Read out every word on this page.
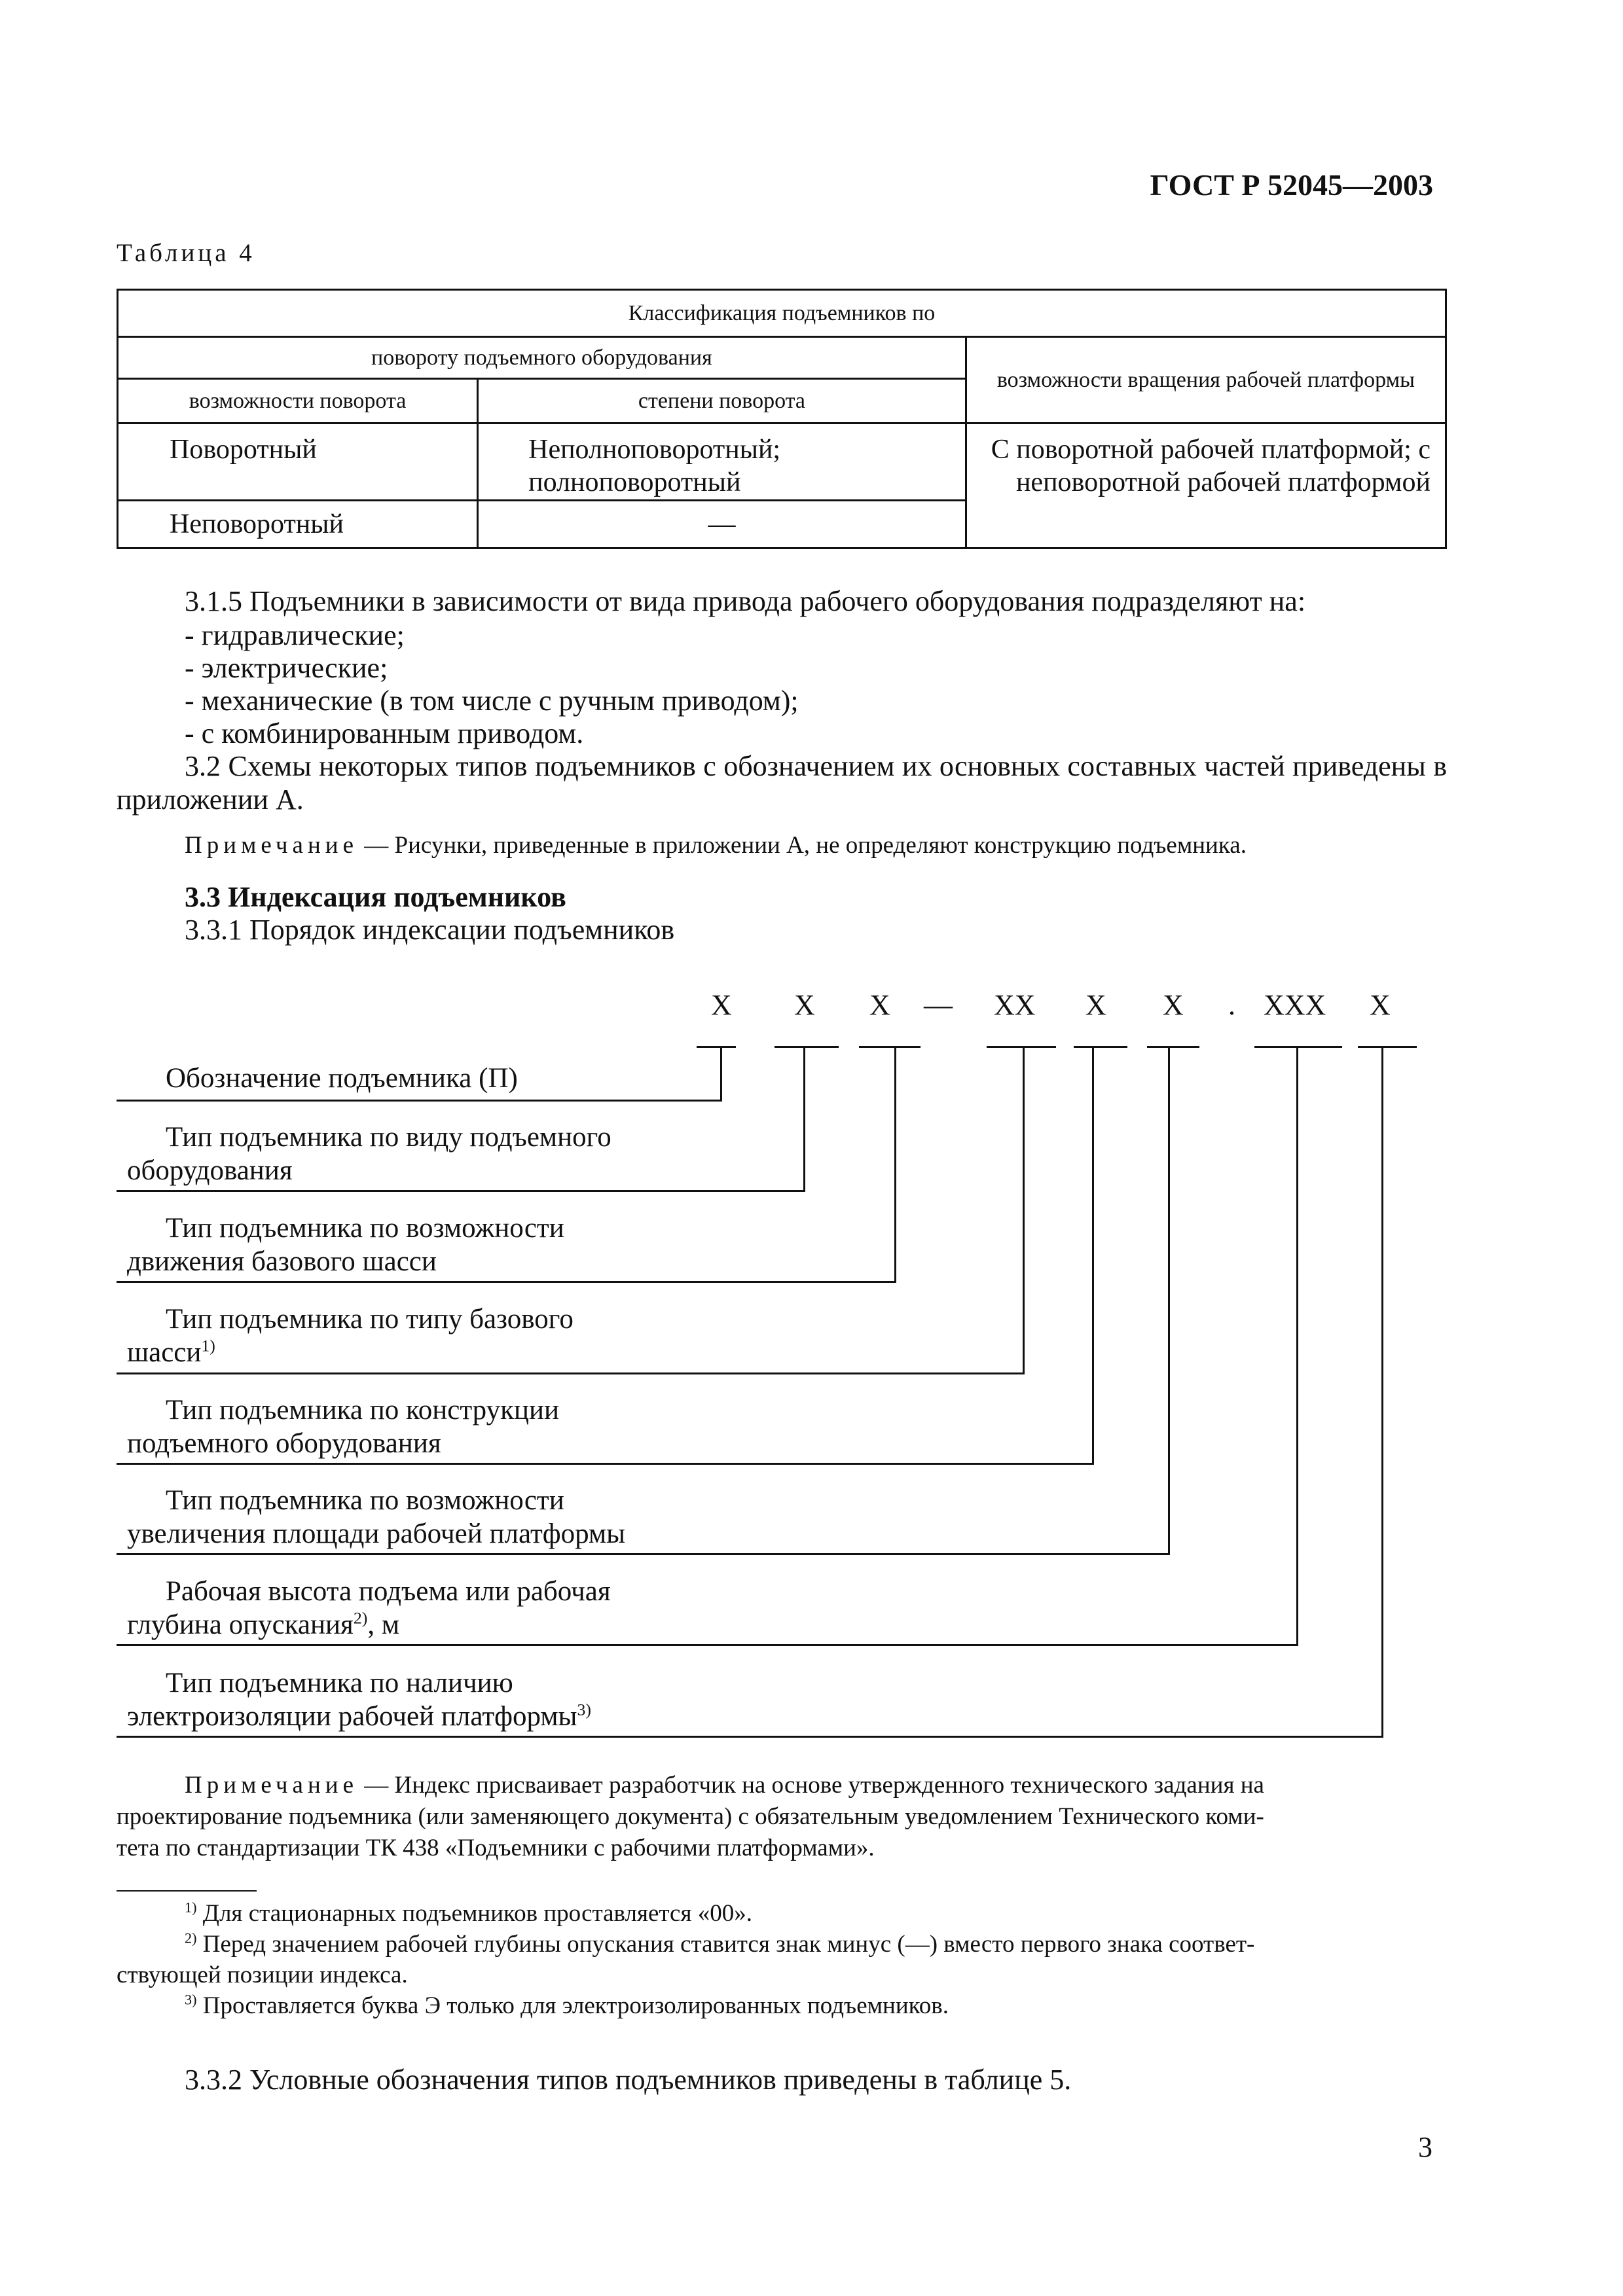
ГОСТ Р 52045—2003
Таблица 4
Классификация подъемников по		
повороту подъемного оборудования		возможности вращения рабочей платформы
возможности поворота	степени поворота	
Поворотный	Неполноповоротный; полноповоротный	С поворотной рабочей платформой; с неповоротной рабочей платформой
Неповоротный	—	
3.1.5 Подъемники в зависимости от вида привода рабочего оборудования подразделяют на:
- гидравлические;
- электрические;
- механические (в том числе с ручным приводом);
- с комбинированным приводом.
3.2 Схемы некоторых типов подъемников с обозначением их основных составных частей приведены в приложении А.
Примечание — Рисунки, приведенные в приложении А, не определяют конструкцию подъемника.
3.3 Индексация подъемников
3.3.1 Порядок индексации подъемников
X X X — XX X X . XXX X
Обозначение подъемника (П)
Тип подъемника по виду подъемного
оборудования
Тип подъемника по возможности
движения базового шасси
Тип подъемника по типу базового
шасси$^{1)}$
Тип подъемника по конструкции
подъемного оборудования
Тип подъемника по возможности
увеличения площади рабочей платформы
Рабочая высота подъема или рабочая
глубина опускания$^{2)}$, м
Тип подъемника по наличию
электроизоляции рабочей платформы$^{3)}$
Примечание — Индекс присваивает разработчик на основе утвержденного технического задания на
проектирование подъемника (или заменяющего документа) с обязательным уведомлением Технического коми-
тета по стандартизации ТК 438 «Подъемники с рабочими платформами».
$^{1)}$ Для стационарных подъемников проставляется «00».
$^{2)}$ Перед значением рабочей глубины опускания ставится знак минус (—) вместо первого знака соответ-
ствующей позиции индекса.
$^{3)}$ Проставляется буква Э только для электроизолированных подъемников.
3.3.2 Условные обозначения типов подъемников приведены в таблице 5.
3
